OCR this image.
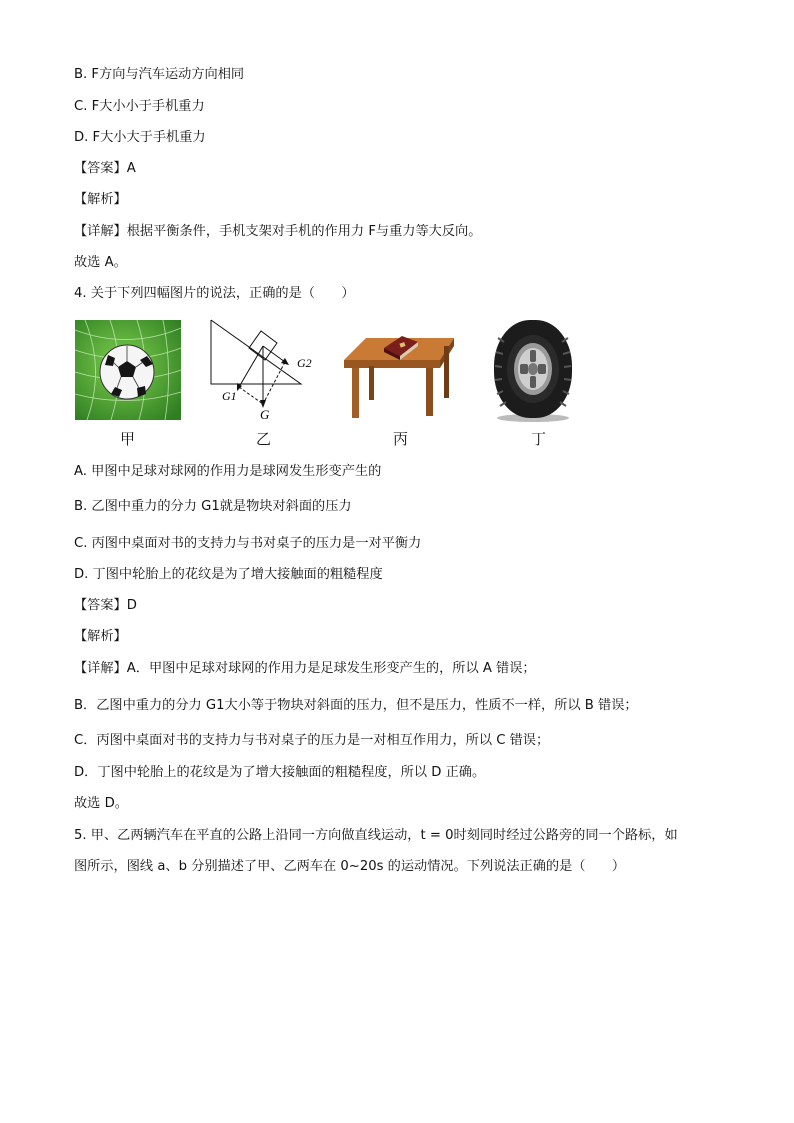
B. F方向与汽车运动方向相同
C. F大小小于手机重力
D. F大小大于手机重力
【答案】A
【解析】
【详解】根据平衡条件，手机支架对手机的作用力 F与重力等大反向。
故选 A。
4. 关于下列四幅图片的说法，正确的是（　　）
甲
G
G1
G2
乙	丙	丁
A. 甲图中足球对球网的作用力是球网发生形变产生的
B. 乙图中重力的分力 G1就是物块对斜面的压力
C. 丙图中桌面对书的支持力与书对桌子的压力是一对平衡力
D. 丁图中轮胎上的花纹是为了增大接触面的粗糙程度
【答案】D
【解析】
【详解】A．甲图中足球对球网的作用力是足球发生形变产生的，所以 A 错误；
B．乙图中重力的分力 G1大小等于物块对斜面的压力，但不是压力，性质不一样，所以 B 错误；
C．丙图中桌面对书的支持力与书对桌子的压力是一对相互作用力，所以 C 错误；
D．丁图中轮胎上的花纹是为了增大接触面的粗糙程度，所以 D 正确。
故选 D。
5. 甲、乙两辆汽车在平直的公路上沿同一方向做直线运动，t = 0时刻同时经过公路旁的同一个路标，如
图所示，图线 a、b 分别描述了甲、乙两车在 0~20s 的运动情况。下列说法正确的是（　　）
